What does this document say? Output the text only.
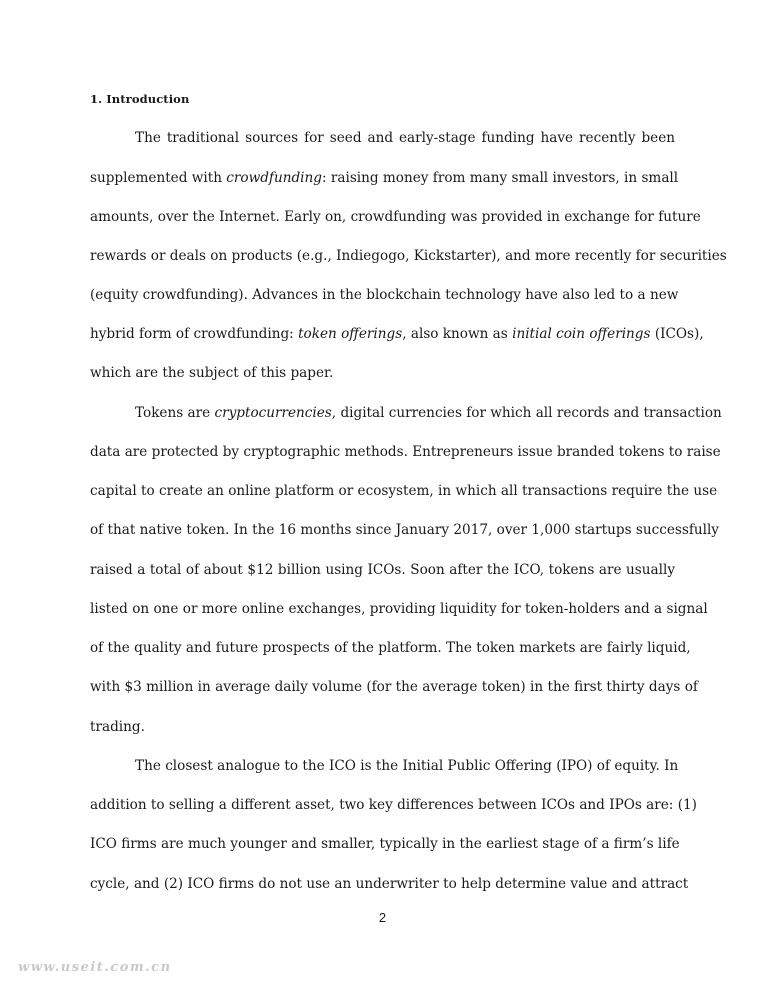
1. Introduction
The traditional sources for seed and early-stage funding have recently been
supplemented with crowdfunding: raising money from many small investors, in small
amounts, over the Internet. Early on, crowdfunding was provided in exchange for future
rewards or deals on products (e.g., Indiegogo, Kickstarter), and more recently for securities
(equity crowdfunding). Advances in the blockchain technology have also led to a new
hybrid form of crowdfunding: token offerings, also known as initial coin offerings (ICOs),
which are the subject of this paper.
Tokens are cryptocurrencies, digital currencies for which all records and transaction
data are protected by cryptographic methods. Entrepreneurs issue branded tokens to raise
capital to create an online platform or ecosystem, in which all transactions require the use
of that native token. In the 16 months since January 2017, over 1,000 startups successfully
raised a total of about $12 billion using ICOs. Soon after the ICO, tokens are usually
listed on one or more online exchanges, providing liquidity for token-holders and a signal
of the quality and future prospects of the platform. The token markets are fairly liquid,
with $3 million in average daily volume (for the average token) in the first thirty days of
trading.
The closest analogue to the ICO is the Initial Public Offering (IPO) of equity. In
addition to selling a different asset, two key differences between ICOs and IPOs are: (1)
ICO firms are much younger and smaller, typically in the earliest stage of a firm’s life
cycle, and (2) ICO firms do not use an underwriter to help determine value and attract
2
www.useit.com.cn
